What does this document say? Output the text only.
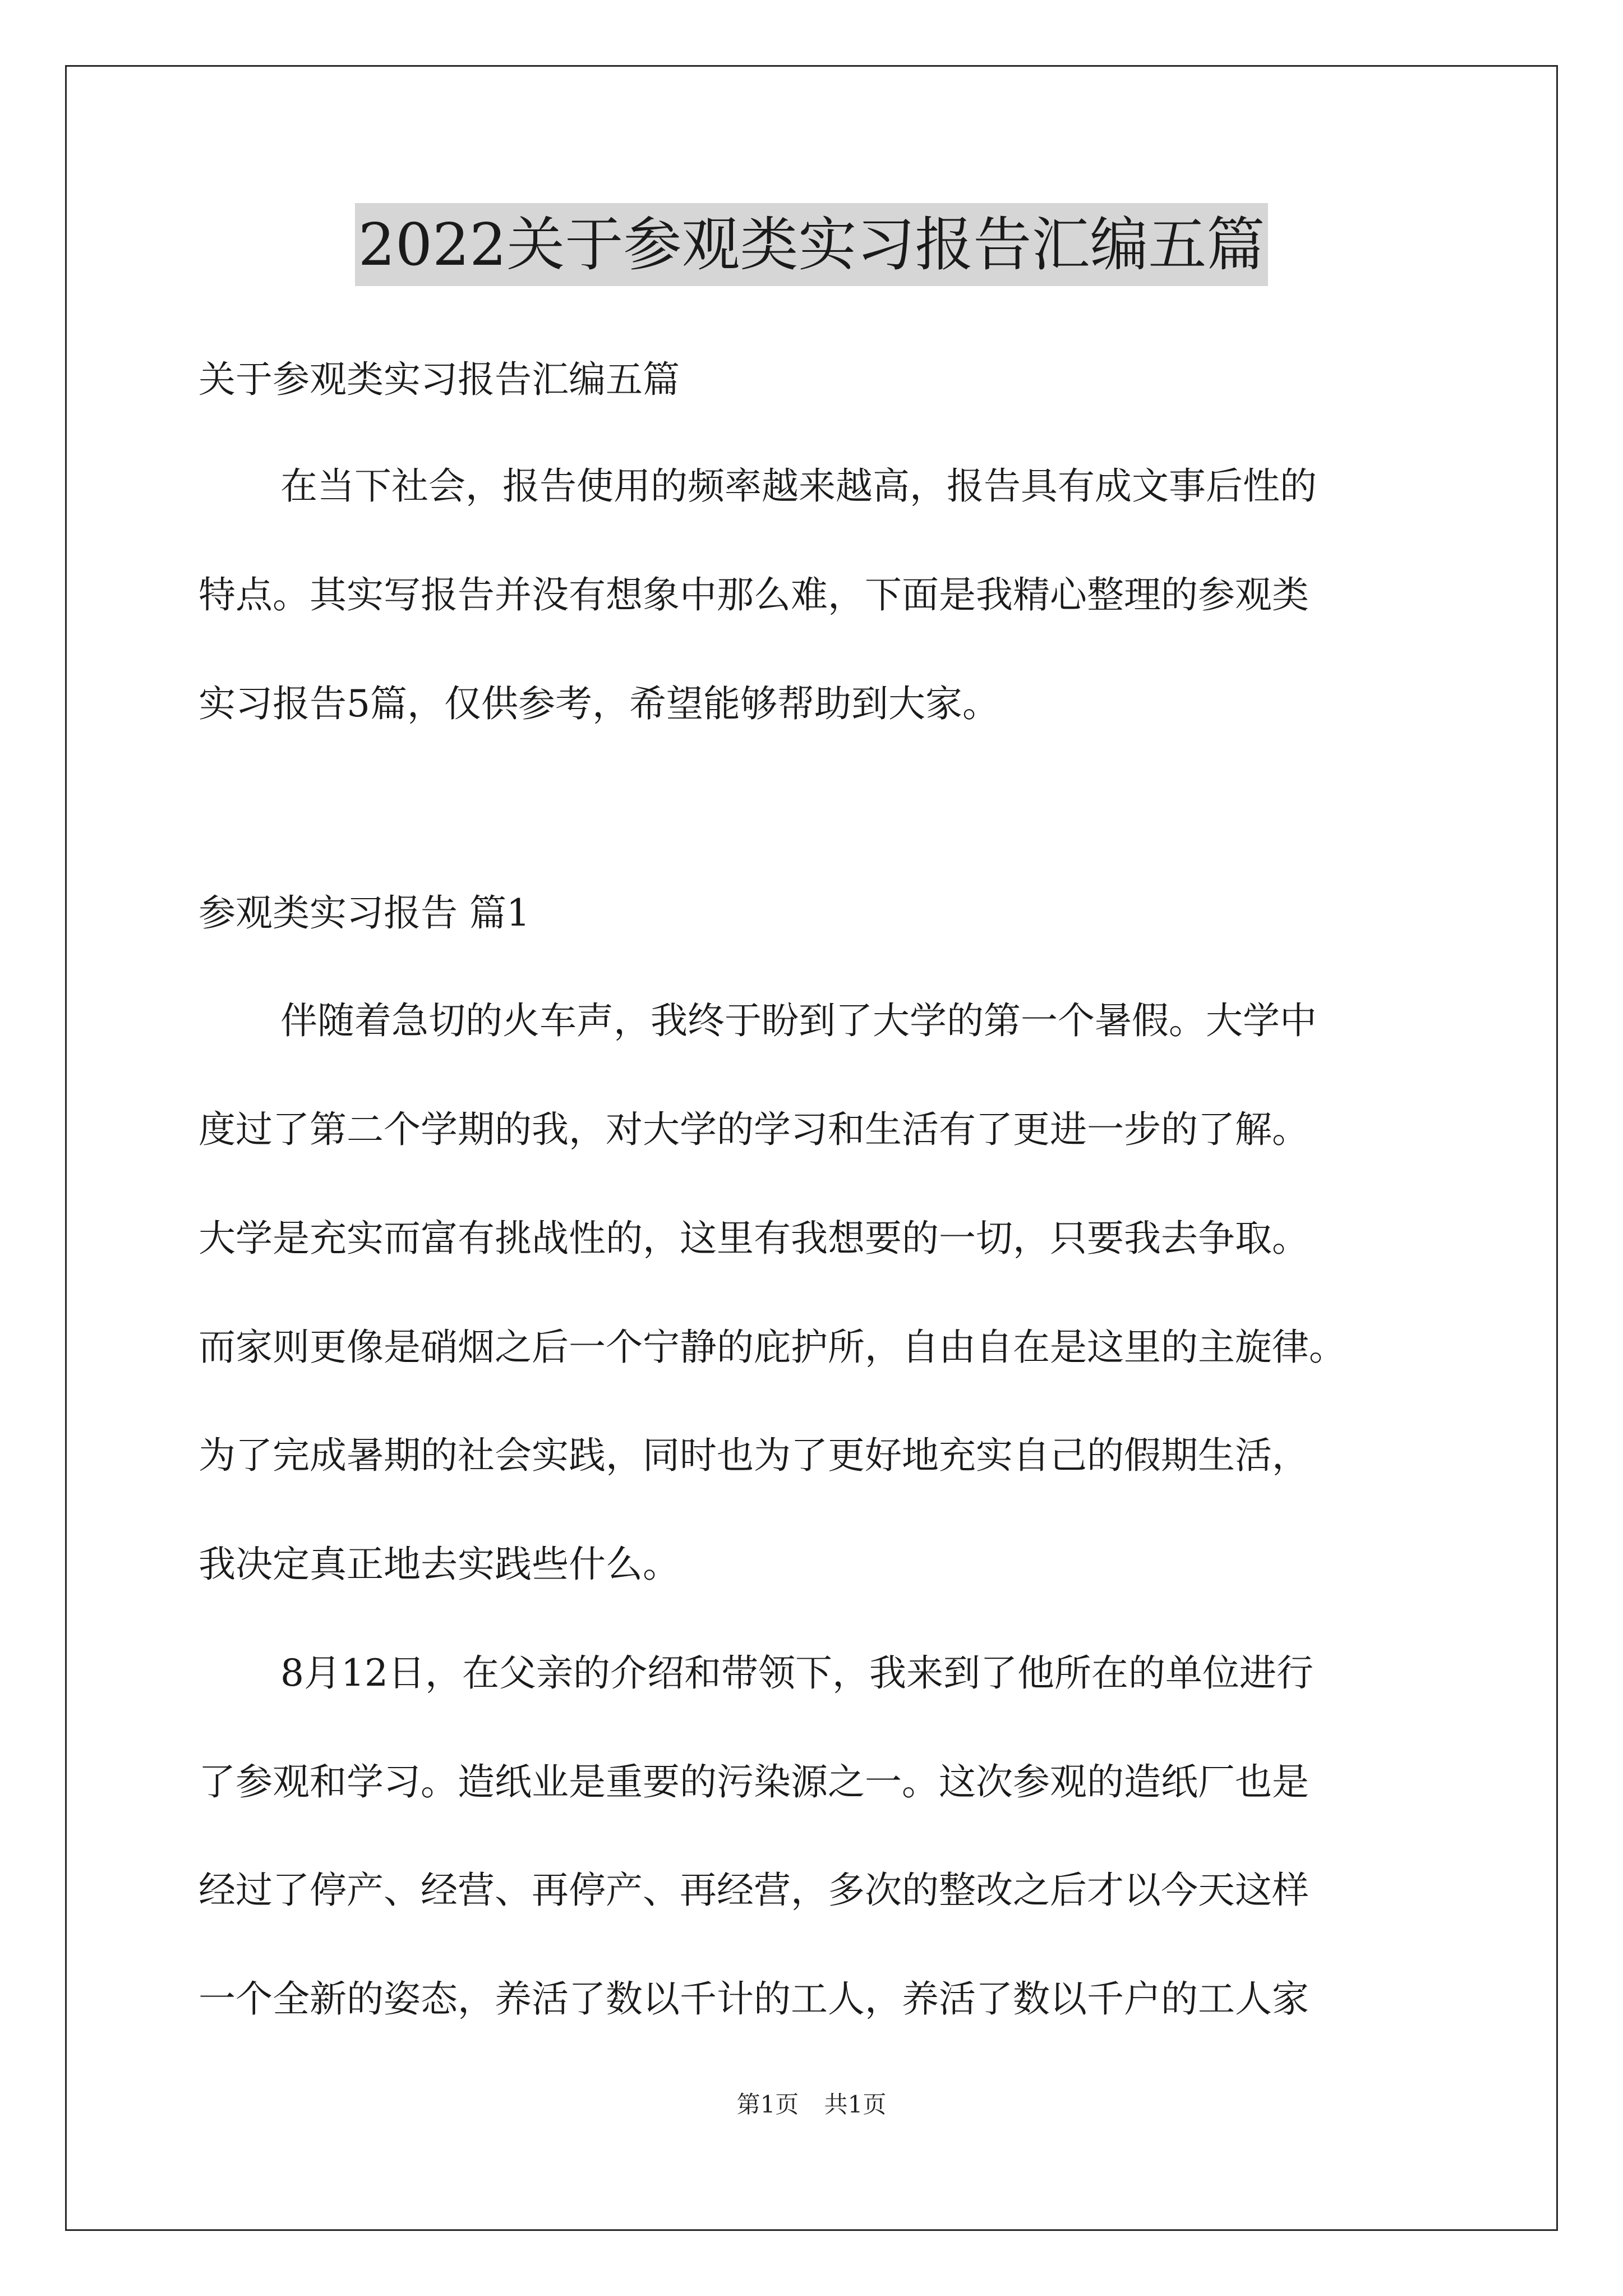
2022关于参观类实习报告汇编五篇
关于参观类实习报告汇编五篇
在当下社会，报告使用的频率越来越高，报告具有成文事后性的
特点。其实写报告并没有想象中那么难，下面是我精心整理的参观类
实习报告5篇，仅供参考，希望能够帮助到大家。
参观类实习报告 篇1
伴随着急切的火车声，我终于盼到了大学的第一个暑假。大学中
度过了第二个学期的我，对大学的学习和生活有了更进一步的了解。
大学是充实而富有挑战性的，这里有我想要的一切，只要我去争取。
而家则更像是硝烟之后一个宁静的庇护所，自由自在是这里的主旋律。
为了完成暑期的社会实践，同时也为了更好地充实自己的假期生活，
我决定真正地去实践些什么。
8月12日，在父亲的介绍和带领下，我来到了他所在的单位进行
了参观和学习。造纸业是重要的污染源之一。这次参观的造纸厂也是
经过了停产、经营、再停产、再经营，多次的整改之后才以今天这样
一个全新的姿态，养活了数以千计的工人，养活了数以千户的工人家
第1页 共1页
